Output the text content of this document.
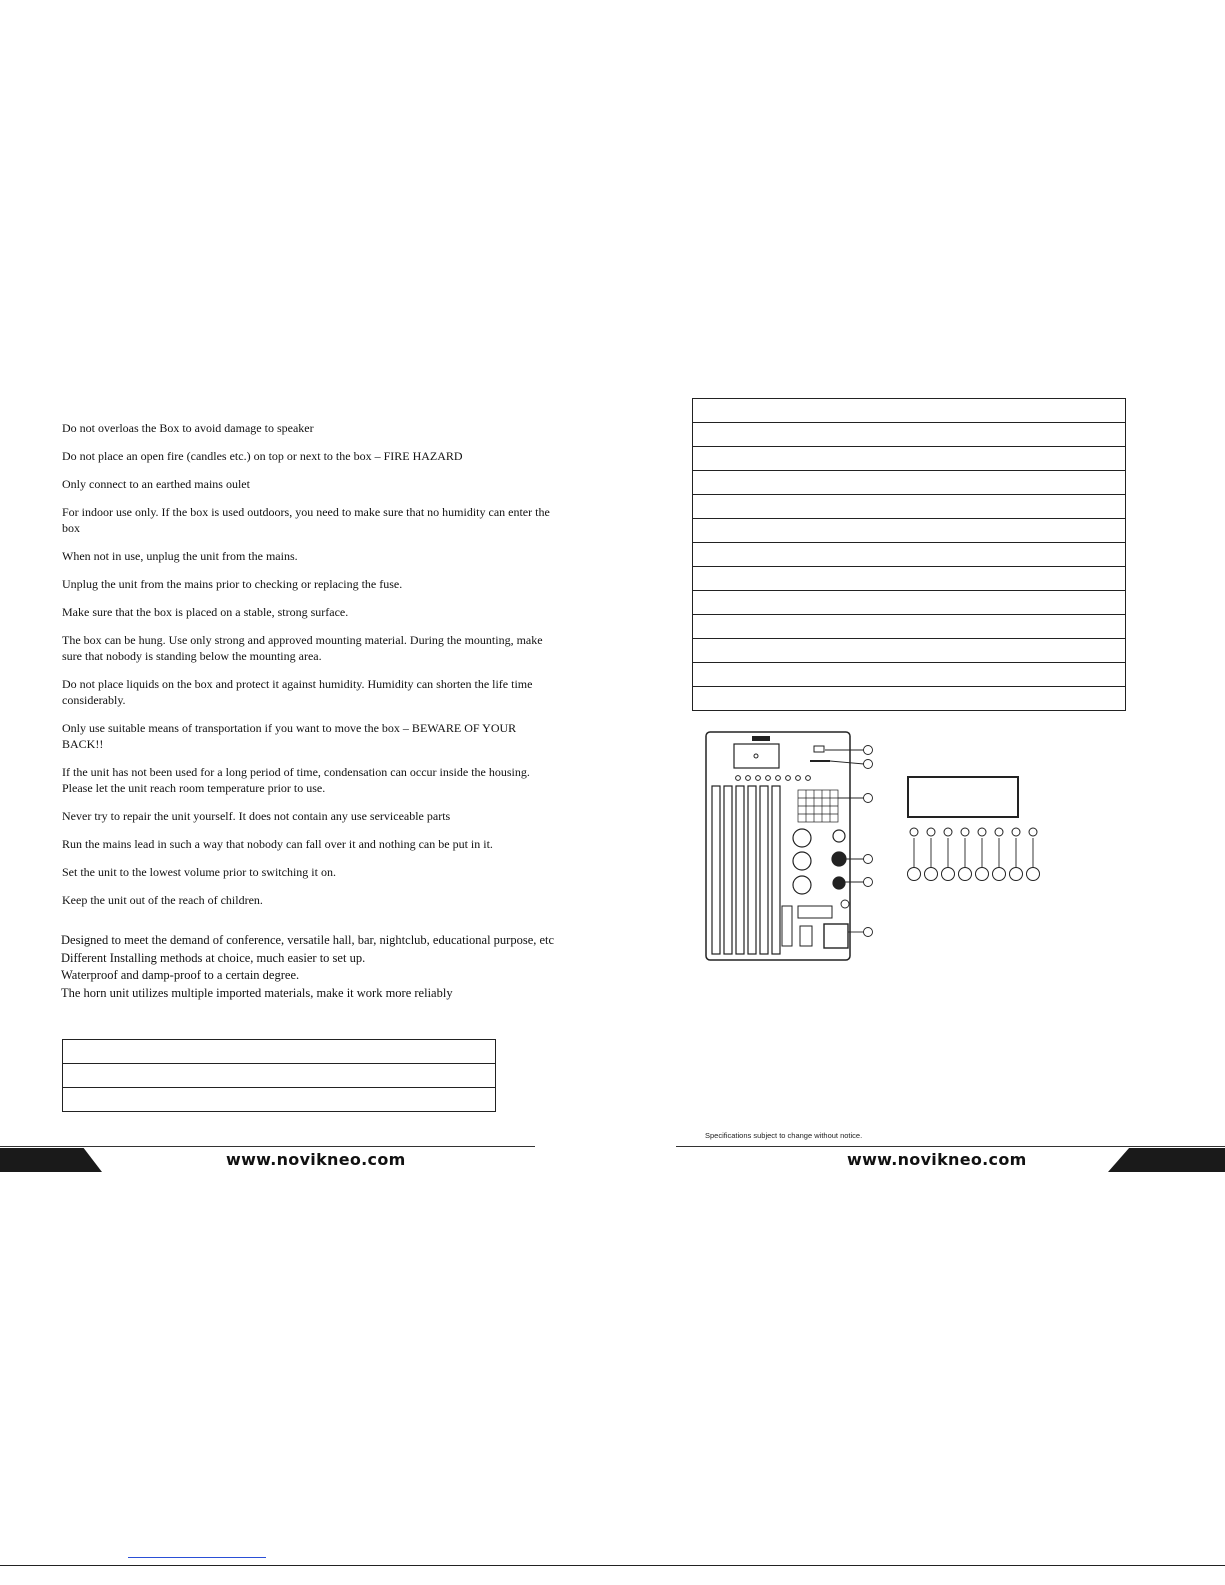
Do not overloas the Box to avoid damage to speaker
Do not place an open fire (candles etc.) on top or next to the box – FIRE HAZARD
Only connect to an earthed mains oulet
For indoor use only. If the box is used outdoors, you need to make sure that no humidity can enter the box
When not in use, unplug the unit from the mains.
Unplug the unit from the mains prior to checking or replacing the fuse.
Make sure that the box is placed on a stable, strong surface.
The box can be hung. Use only strong and approved mounting material. During the mounting, make sure that nobody is standing below the mounting area.
Do not place liquids on the box and protect it against humidity. Humidity can shorten the life time considerably.
Only use suitable means of transportation if you want to move the box – BEWARE OF YOUR BACK!!
If the unit has not been used for a long period of time, condensation can occur inside the housing. Please let the unit reach room temperature prior to use.
Never try to repair the unit yourself. It does not contain any use serviceable parts
Run the mains lead in such a way that nobody can fall over it and nothing can be put in it.
Set the unit to the lowest volume prior to switching it on.
Keep the unit out of the reach of children.
Designed to meet the demand of conference, versatile hall, bar, nightclub, educational purpose, etc
Different Installing methods at choice, much easier to set up.
Waterproof and damp-proof to a certain degree.
The horn unit utilizes multiple imported materials, make it work more reliably

www.novikneo.com

Specifications subject to change without notice.
www.novikneo.com
